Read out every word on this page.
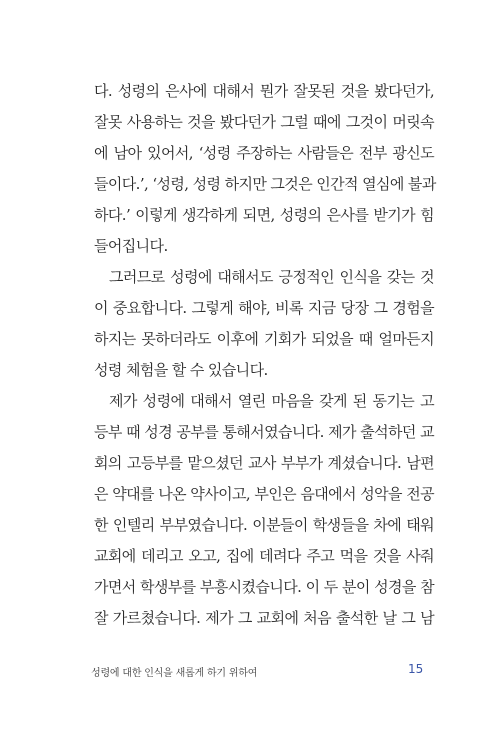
다. 성령의 은사에 대해서 뭔가 잘못된 것을 봤다던가,
잘못 사용하는 것을 봤다던가 그럴 때에 그것이 머릿속
에 남아 있어서, ‘성령 주장하는 사람들은 전부 광신도
들이다.’, ‘성령, 성령 하지만 그것은 인간적 열심에 불과
하다.’ 이렇게 생각하게 되면, 성령의 은사를 받기가 힘
들어집니다.
그러므로 성령에 대해서도 긍정적인 인식을 갖는 것
이 중요합니다. 그렇게 해야, 비록 지금 당장 그 경험을
하지는 못하더라도 이후에 기회가 되었을 때 얼마든지
성령 체험을 할 수 있습니다.
제가 성령에 대해서 열린 마음을 갖게 된 동기는 고
등부 때 성경 공부를 통해서였습니다. 제가 출석하던 교
회의 고등부를 맡으셨던 교사 부부가 계셨습니다. 남편
은 약대를 나온 약사이고, 부인은 음대에서 성악을 전공
한 인텔리 부부였습니다. 이분들이 학생들을 차에 태워
교회에 데리고 오고, 집에 데려다 주고 먹을 것을 사줘
가면서 학생부를 부흥시켰습니다. 이 두 분이 성경을 참
잘 가르쳤습니다. 제가 그 교회에 처음 출석한 날 그 남
성령에 대한 인식을 새롭게 하기 위하여	15
